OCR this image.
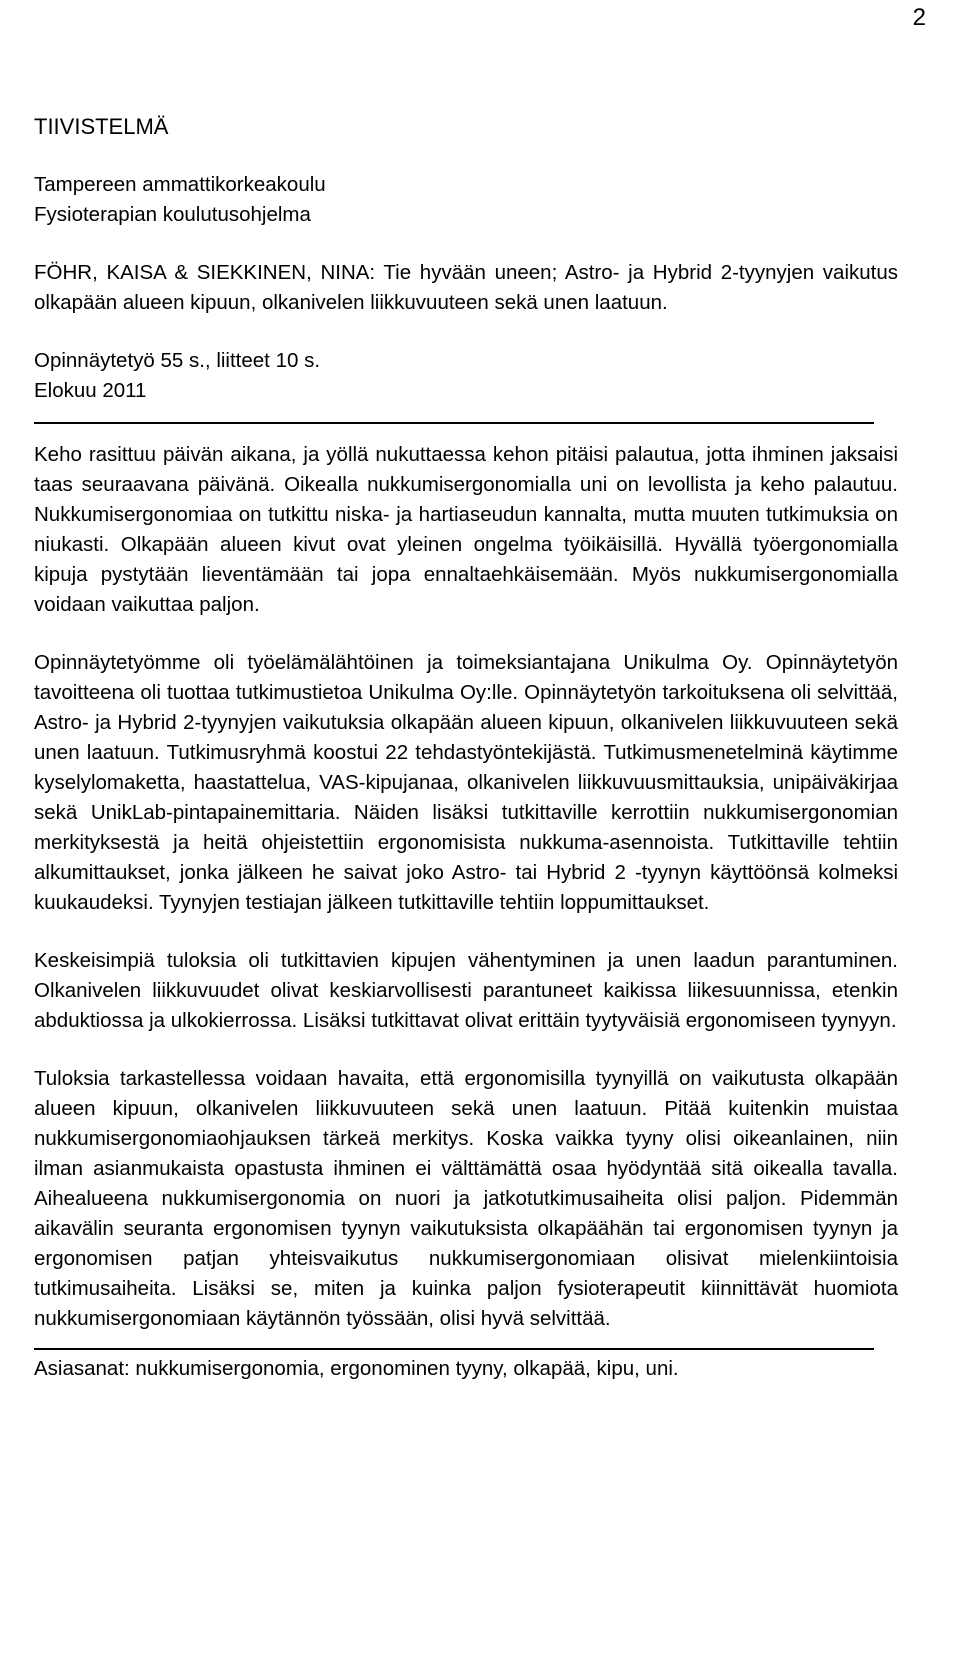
2
TIIVISTELMÄ
Tampereen ammattikorkeakoulu
Fysioterapian koulutusohjelma

FÖHR, KAISA & SIEKKINEN, NINA: Tie hyvään uneen; Astro- ja Hybrid 2-tyynyjen vaikutus olkapään alueen kipuun, olkanivelen liikkuvuuteen sekä unen laatuun.

Opinnäytetyö 55 s., liitteet 10 s.
Elokuu 2011

Keho rasittuu päivän aikana, ja yöllä nukuttaessa kehon pitäisi palautua, jotta ihminen jaksaisi taas seuraavana päivänä. Oikealla nukkumisergonomialla uni on levollista ja keho palautuu. Nukkumisergonomiaa on tutkittu niska- ja hartiaseudun kannalta, mutta muuten tutkimuksia on niukasti. Olkapään alueen kivut ovat yleinen ongelma työikäisillä. Hyvällä työergonomialla kipuja pystytään lieventämään tai jopa ennaltaehkäisemään. Myös nukkumisergonomialla voidaan vaikuttaa paljon.

Opinnäytetyömme oli työelämälähtöinen ja toimeksiantajana Unikulma Oy. Opinnäytetyön tavoitteena oli tuottaa tutkimustietoa Unikulma Oy:lle. Opinnäytetyön tarkoituksena oli selvittää, Astro- ja Hybrid 2-tyynyjen vaikutuksia olkapään alueen kipuun, olkanivelen liikkuvuuteen sekä unen laatuun. Tutkimusryhmä koostui 22 tehdastyöntekijästä. Tutkimusmenetelminä käytimme kyselylomaketta, haastattelua, VAS-kipujanaa, olkanivelen liikkuvuusmittauksia, unipäiväkirjaa sekä UnikLab-pintapainemittaria. Näiden lisäksi tutkittaville kerrottiin nukkumisergonomian merkityksestä ja heitä ohjeistettiin ergonomisista nukkuma-asennoista. Tutkittaville tehtiin alkumittaukset, jonka jälkeen he saivat joko Astro- tai Hybrid 2 -tyynyn käyttöönsä kolmeksi kuukaudeksi. Tyynyjen testiajan jälkeen tutkittaville tehtiin loppumittaukset.

Keskeisimpiä tuloksia oli tutkittavien kipujen vähentyminen ja unen laadun parantuminen. Olkanivelen liikkuvuudet olivat keskiarvollisesti parantuneet kaikissa liikesuunnissa, etenkin abduktiossa ja ulkokierrossa. Lisäksi tutkittavat olivat erittäin tyytyväisiä ergonomiseen tyynyyn.

Tuloksia tarkastellessa voidaan havaita, että ergonomisilla tyynyillä on vaikutusta olkapään alueen kipuun, olkanivelen liikkuvuuteen sekä unen laatuun. Pitää kuitenkin muistaa nukkumisergonomiaohjauksen tärkeä merkitys. Koska vaikka tyyny olisi oikeanlainen, niin ilman asianmukaista opastusta ihminen ei välttämättä osaa hyödyntää sitä oikealla tavalla. Aihealueena nukkumisergonomia on nuori ja jatkotutkimusaiheita olisi paljon. Pidemmän aikavälin seuranta ergonomisen tyynyn vaikutuksista olkapäähän tai ergonomisen tyynyn ja ergonomisen patjan yhteisvaikutus nukkumisergonomiaan olisivat mielenkiintoisia tutkimusaiheita. Lisäksi se, miten ja kuinka paljon fysioterapeutit kiinnittävät huomiota nukkumisergonomiaan käytännön työssään, olisi hyvä selvittää.

Asiasanat: nukkumisergonomia, ergonominen tyyny, olkapää, kipu, uni.
